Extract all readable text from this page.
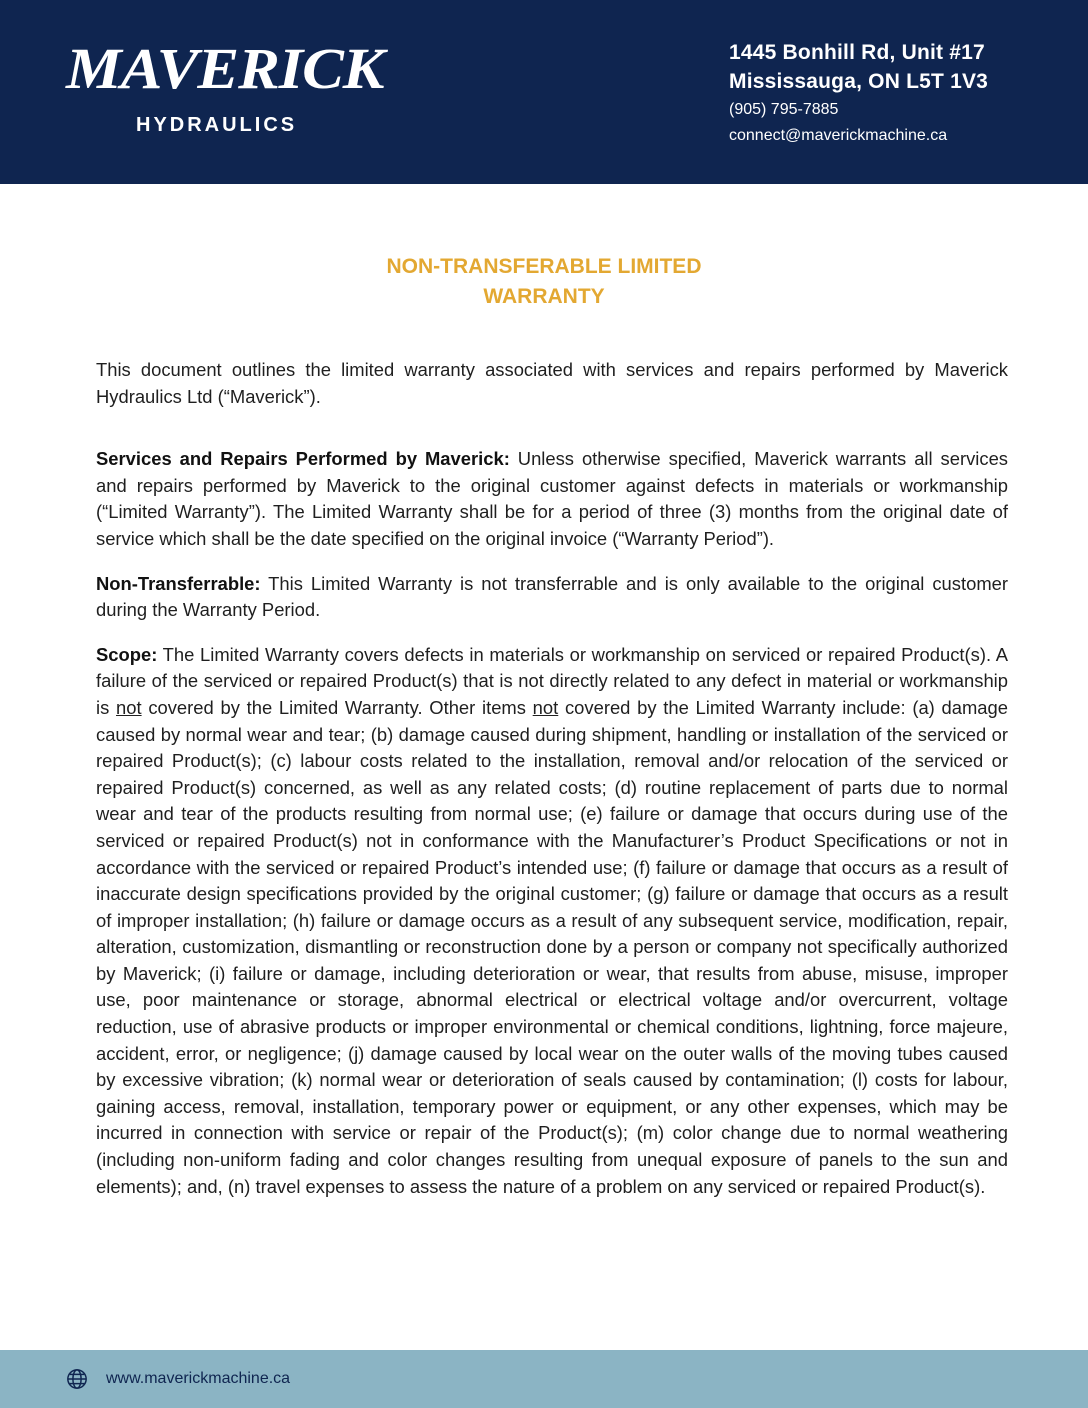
MAVERICK
HYDRAULICS
1445 Bonhill Rd, Unit #17
Mississauga, ON L5T 1V3
(905) 795-7885
connect@maverickmachine.ca
NON-TRANSFERABLE LIMITED
WARRANTY

This document outlines the limited warranty associated with services and repairs performed by Maverick Hydraulics Ltd (“Maverick”).

Services and Repairs Performed by Maverick: Unless otherwise specified, Maverick warrants all services and repairs performed by Maverick to the original customer against defects in materials or workmanship (“Limited Warranty”). The Limited Warranty shall be for a period of three (3) months from the original date of service which shall be the date specified on the original invoice (“Warranty Period”).

Non-Transferrable: This Limited Warranty is not transferrable and is only available to the original customer during the Warranty Period.

Scope: The Limited Warranty covers defects in materials or workmanship on serviced or repaired Product(s). A failure of the serviced or repaired Product(s) that is not directly related to any defect in material or workmanship is not covered by the Limited Warranty. Other items not covered by the Limited Warranty include: (a) damage caused by normal wear and tear; (b) damage caused during shipment, handling or installation of the serviced or repaired Product(s); (c) labour costs related to the installation, removal and/or relocation of the serviced or repaired Product(s) concerned, as well as any related costs; (d) routine replacement of parts due to normal wear and tear of the products resulting from normal use; (e) failure or damage that occurs during use of the serviced or repaired Product(s) not in conformance with the Manufacturer’s Product Specifications or not in accordance with the serviced or repaired Product’s intended use; (f) failure or damage that occurs as a result of inaccurate design specifications provided by the original customer; (g) failure or damage that occurs as a result of improper installation; (h) failure or damage occurs as a result of any subsequent service, modification, repair, alteration, customization, dismantling or reconstruction done by a person or company not specifically authorized by Maverick; (i) failure or damage, including deterioration or wear, that results from abuse, misuse, improper use, poor maintenance or storage, abnormal electrical or electrical voltage and/or overcurrent, voltage reduction, use of abrasive products or improper environmental or chemical conditions, lightning, force majeure, accident, error, or negligence; (j) damage caused by local wear on the outer walls of the moving tubes caused by excessive vibration; (k) normal wear or deterioration of seals caused by contamination; (l) costs for labour, gaining access, removal, installation, temporary power or equipment, or any other expenses, which may be incurred in connection with service or repair of the Product(s); (m) color change due to normal weathering (including non-uniform fading and color changes resulting from unequal exposure of panels to the sun and elements); and, (n) travel expenses to assess the nature of a problem on any serviced or repaired Product(s).

www.maverickmachine.ca
